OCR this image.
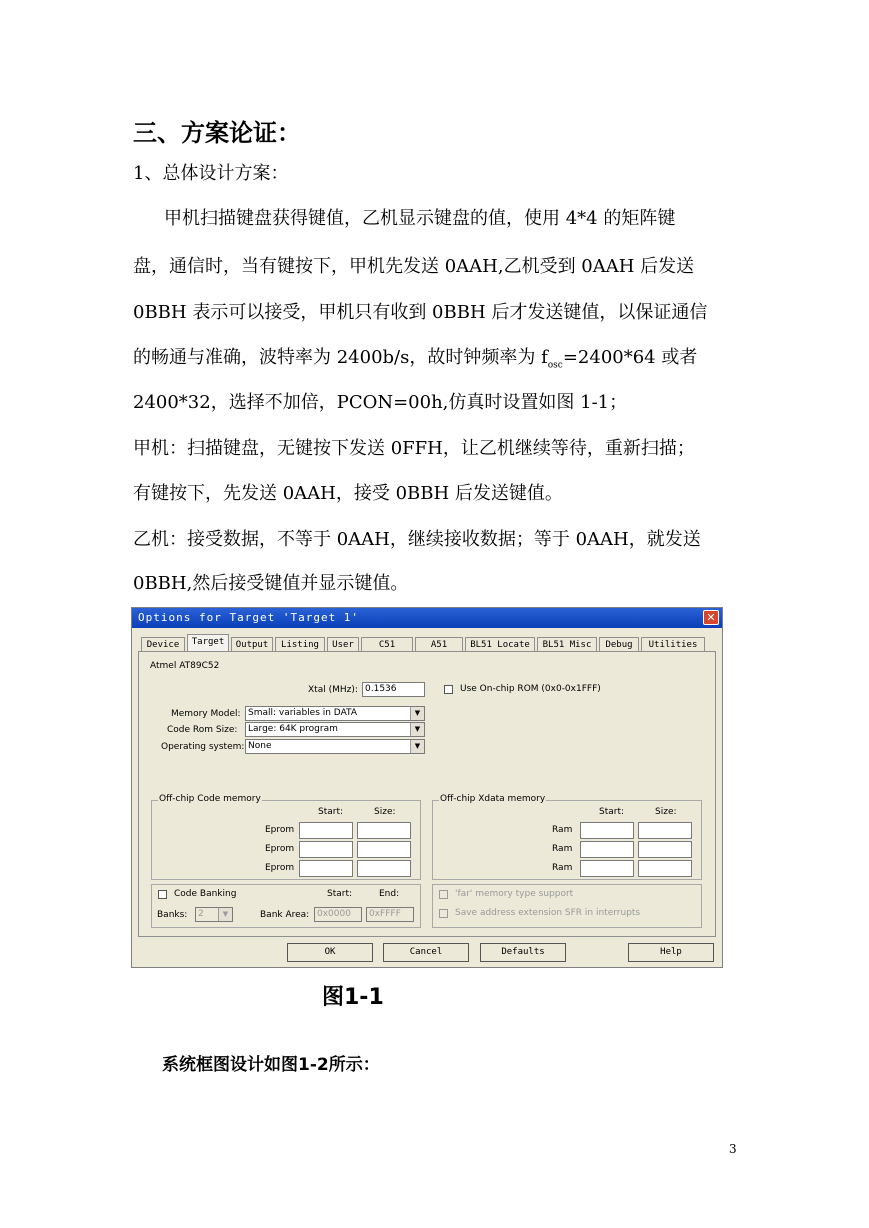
三、方案论证：
1、总体设计方案：
甲机扫描键盘获得键值，乙机显示键盘的值，使用 4*4 的矩阵键
盘，通信时，当有键按下，甲机先发送 0AAH,乙机受到 0AAH 后发送
0BBH 表示可以接受，甲机只有收到 0BBH 后才发送键值，以保证通信
的畅通与准确，波特率为 2400b/s，故时钟频率为 $f_{osc}=2400*64$ 或者
2400*32，选择不加倍，PCON=00h,仿真时设置如图 1-1；
甲机：扫描键盘，无键按下发送 0FFH，让乙机继续等待，重新扫描；
有键按下，先发送 0AAH，接受 0BBH 后发送键值。
乙机：接受数据，不等于 0AAH，继续接收数据；等于 0AAH，就发送
0BBH,然后接受键值并显示键值。
Options for Target 'Target 1'	✕
Device	Target	Output	Listing	User	C51	A51	BL51 Locate	BL51 Misc	Debug	Utilities
Atmel AT89C52
Xtal (MHz): 0.1536	Use On-chip ROM (0x0-0x1FFF)
Memory Model: Small: variables in DATA	▼
Code Rom Size:	Large: 64K program	▼
Operating system: None	▼
Off-chip Code memory
Start:	Size:
Eprom
Eprom
Eprom
Off-chip Xdata memory
Start:	Size:
Ram
Ram
Ram
Code Banking	Start:	End:
Banks:	2	▼	Bank Area: 0x0000	0xFFFF
'far' memory type support
Save address extension SFR in interrupts
OK	Cancel	Defaults	Help
图1-1
系统框图设计如图1-2所示：
3
